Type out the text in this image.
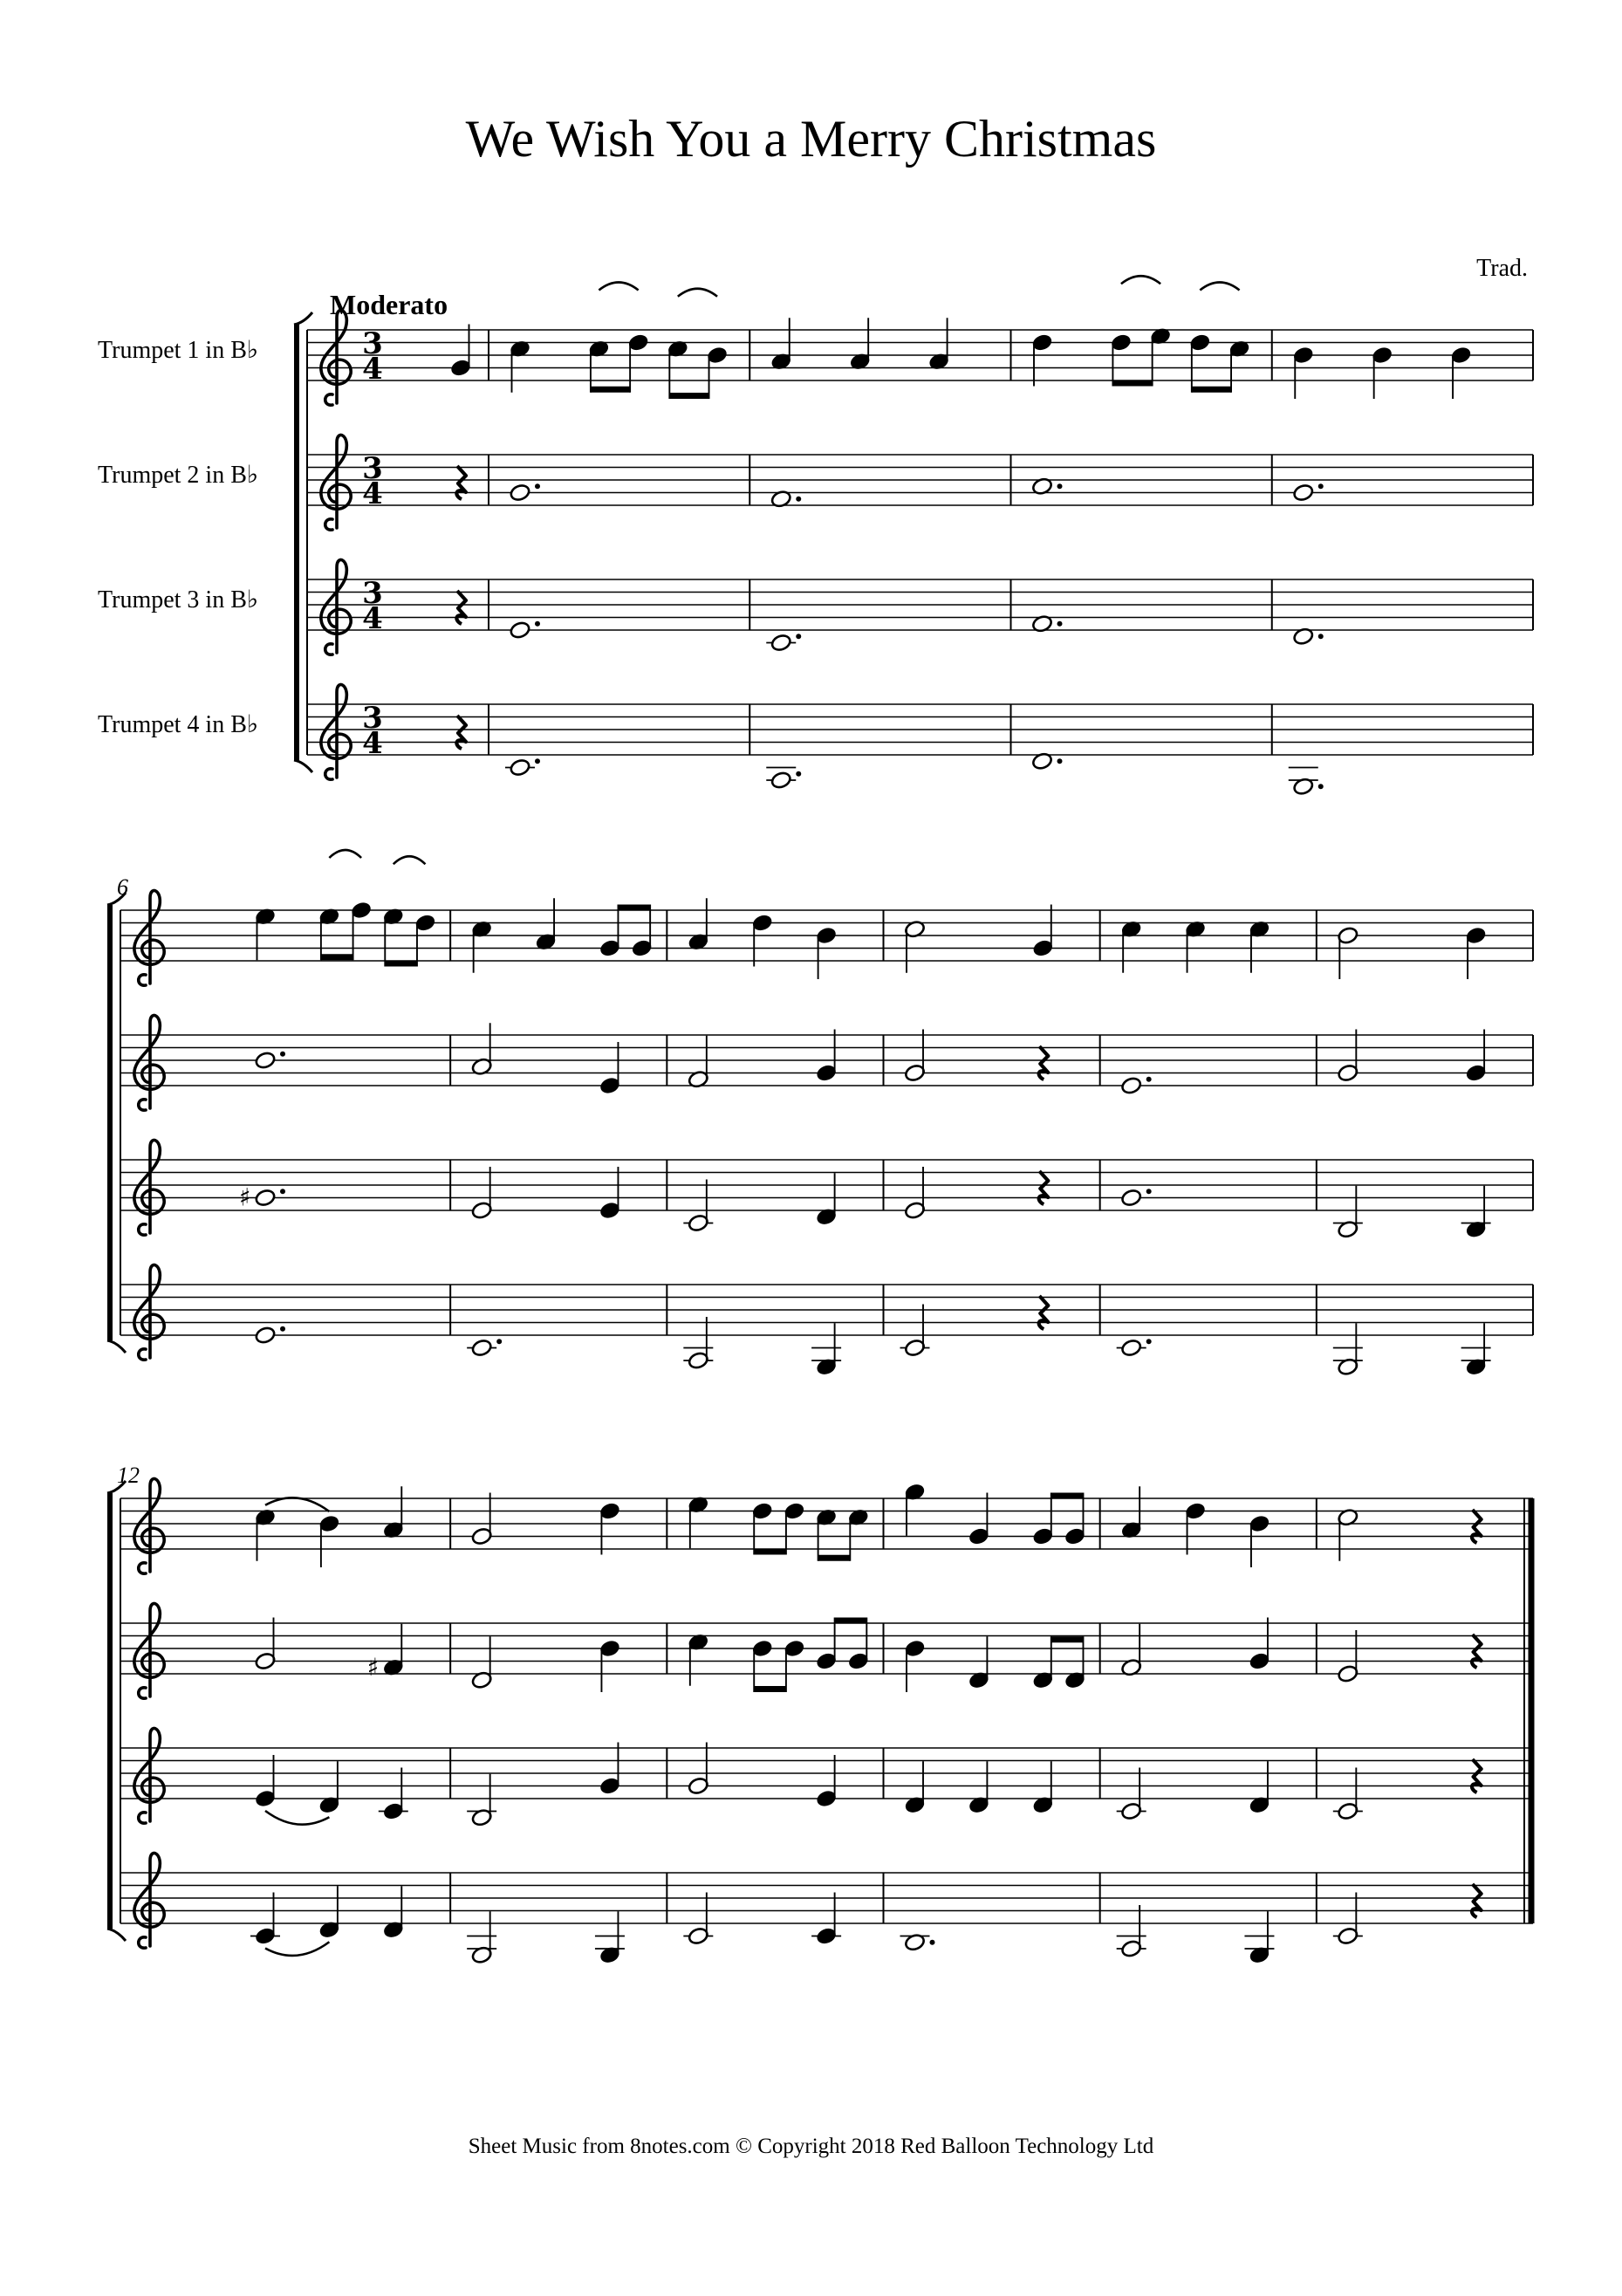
We Wish You a Merry Christmas
Trad.
Moderato
Trumpet 1 in B♭
Trumpet 2 in B♭
Trumpet 3 in B♭
Trumpet 4 in B♭
3
4
3
4
3
4
3
4
6
♯
12
♯
Sheet Music from 8notes.com © Copyright 2018 Red Balloon Technology Ltd
